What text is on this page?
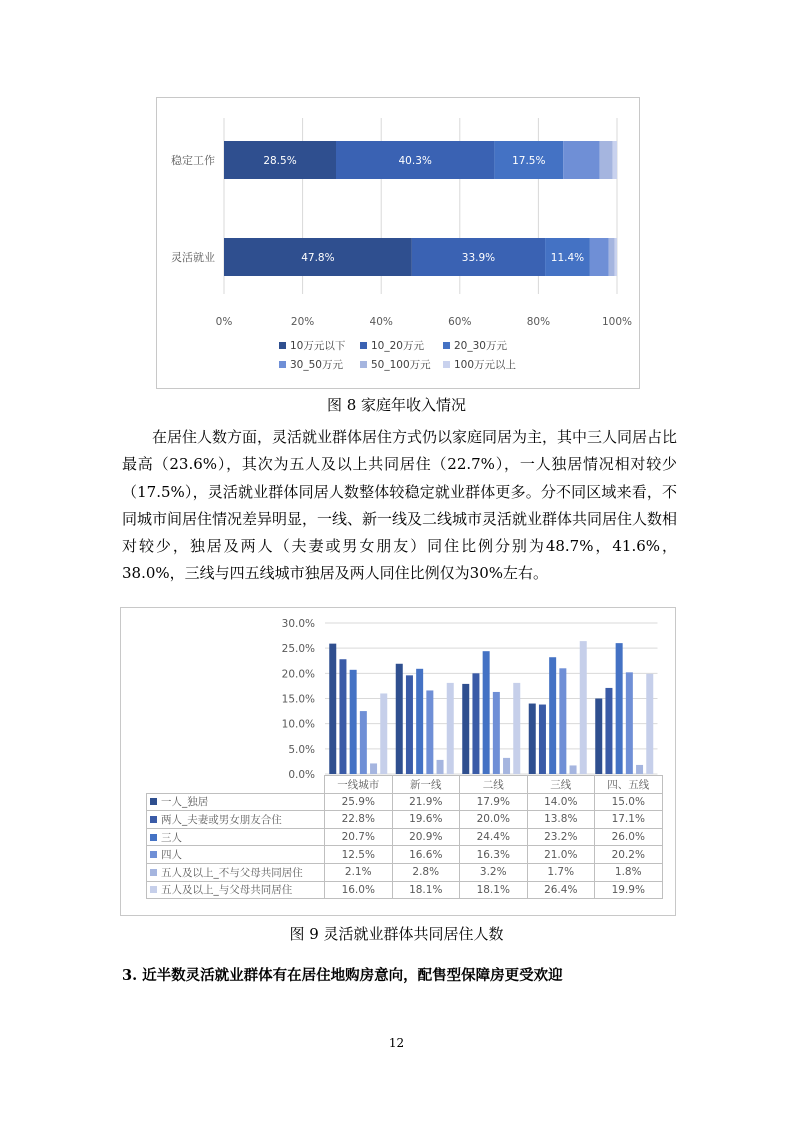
28.5%	40.3%	17.5%
47.8%	33.9%	11.4%
稳定工作
灵活就业
0%	20%	40%	60%	80%	100%
10万元以下 10_20万元	20_30万元
30_50万元	50_100万元 100万元以上
图 8 家庭年收入情况

在居住人数方面，灵活就业群体居住方式仍以家庭同居为主，其中三人同居占比最高（23.6%），其次为五人及以上共同居住（22.7%），一人独居情况相对较少（17.5%），灵活就业群体同居人数整体较稳定就业群体更多。分不同区域来看，不同城市间居住情况差异明显，一线、新一线及二线城市灵活就业群体共同居住人数相对较少，独居及两人（夫妻或男女朋友）同住比例分别为48.7%，41.6%，38.0%，三线与四五线城市独居及两人同住比例仅为30%左右。

0.0%
5.0%
10.0%
15.0%
20.0%
25.0%
30.0%
	一线城市	新一线	二线	三线	四、五线
一人_独居	25.9%	21.9%	17.9%	14.0%	15.0%
两人_夫妻或男女朋友合住	22.8%	19.6%	20.0%	13.8%	17.1%
三人	20.7%	20.9%	24.4%	23.2%	26.0%
四人	12.5%	16.6%	16.3%	21.0%	20.2%
五人及以上_不与父母共同居住	2.1%	2.8%	3.2%	1.7%	1.8%
五人及以上_与父母共同居住	16.0%	18.1%	18.1%	26.4%	19.9%
图 9 灵活就业群体共同居住人数

3. 近半数灵活就业群体有在居住地购房意向，配售型保障房更受欢迎

12
